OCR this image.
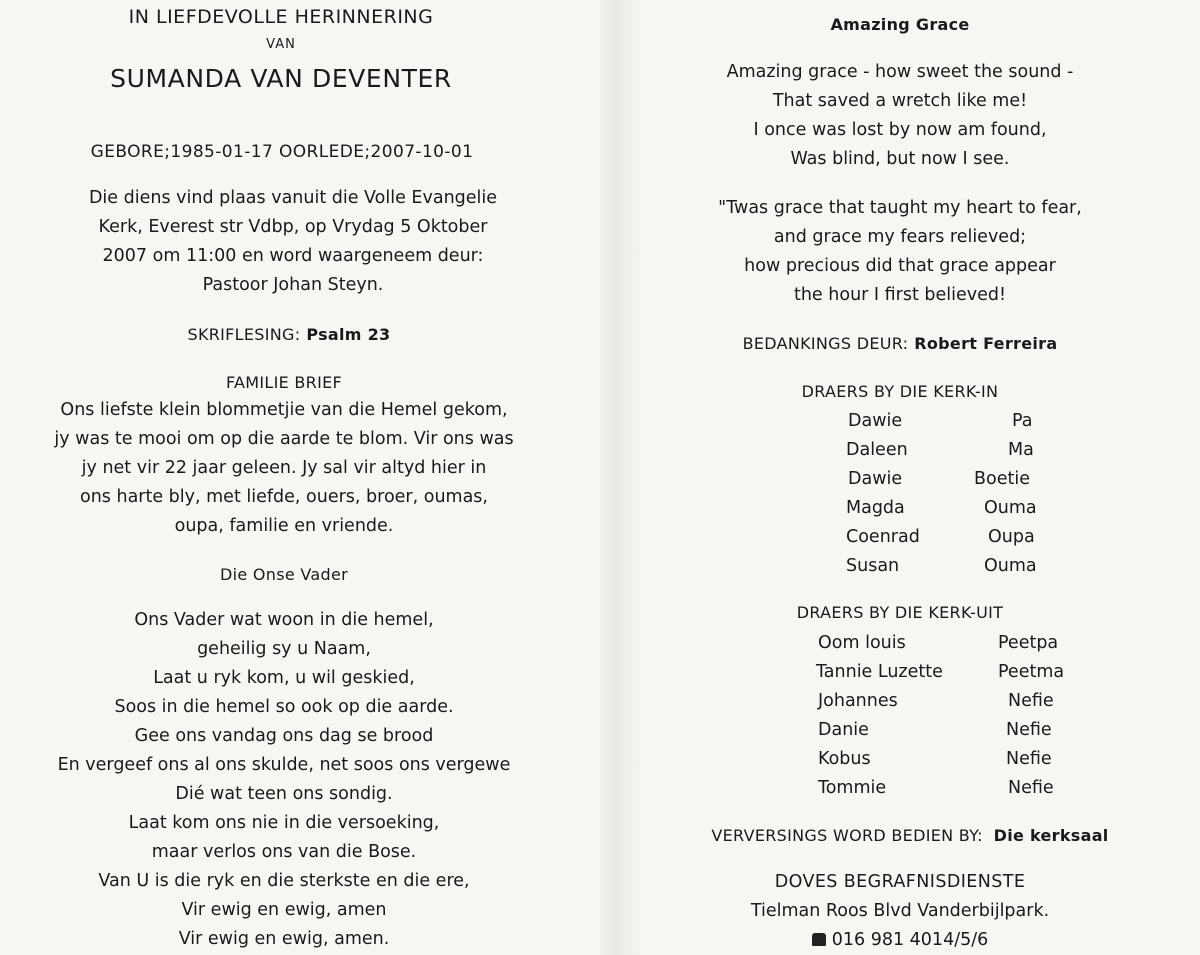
IN LIEFDEVOLLE HERINNERING
VAN
SUMANDA VAN DEVENTER
GEBORE;1985-01-17 OORLEDE;2007-10-01
Die diens vind plaas vanuit die Volle Evangelie
Kerk, Everest str Vdbp, op Vrydag 5 Oktober
2007 om 11:00 en word waargeneem deur:
Pastoor Johan Steyn.
SKRIFLESING: Psalm 23
FAMILIE BRIEF
Ons liefste klein blommetjie van die Hemel gekom,
jy was te mooi om op die aarde te blom. Vir ons was
jy net vir 22 jaar geleen. Jy sal vir altyd hier in
ons harte bly, met liefde, ouers, broer, oumas,
oupa, familie en vriende.
Die Onse Vader
Ons Vader wat woon in die hemel,
geheilig sy u Naam,
Laat u ryk kom, u wil geskied,
Soos in die hemel so ook op die aarde.
Gee ons vandag ons dag se brood
En vergeef ons al ons skulde, net soos ons vergewe
Dié wat teen ons sondig.
Laat kom ons nie in die versoeking,
maar verlos ons van die Bose.
Van U is die ryk en die sterkste en die ere,
Vir ewig en ewig, amen
Vir ewig en ewig, amen.
Amazing Grace
Amazing grace - how sweet the sound -
That saved a wretch like me!
I once was lost by now am found,
Was blind, but now I see.
"Twas grace that taught my heart to fear,
and grace my fears relieved;
how precious did that grace appear
the hour I first believed!
BEDANKINGS DEUR: Robert Ferreira
DRAERS BY DIE KERK-IN
Dawie	Pa
Daleen	Ma
Dawie	Boetie
Magda	Ouma
Coenrad	Oupa
Susan	Ouma
DRAERS BY DIE KERK-UIT
Oom louis	Peetpa
Tannie Luzette	Peetma
Johannes	Nefie
Danie	Nefie
Kobus	Nefie
Tommie	Nefie
VERVERSINGS WORD BEDIEN BY: Die kerksaal
DOVES BEGRAFNISDIENSTE
Tielman Roos Blvd Vanderbijlpark.
016 981 4014/5/6
